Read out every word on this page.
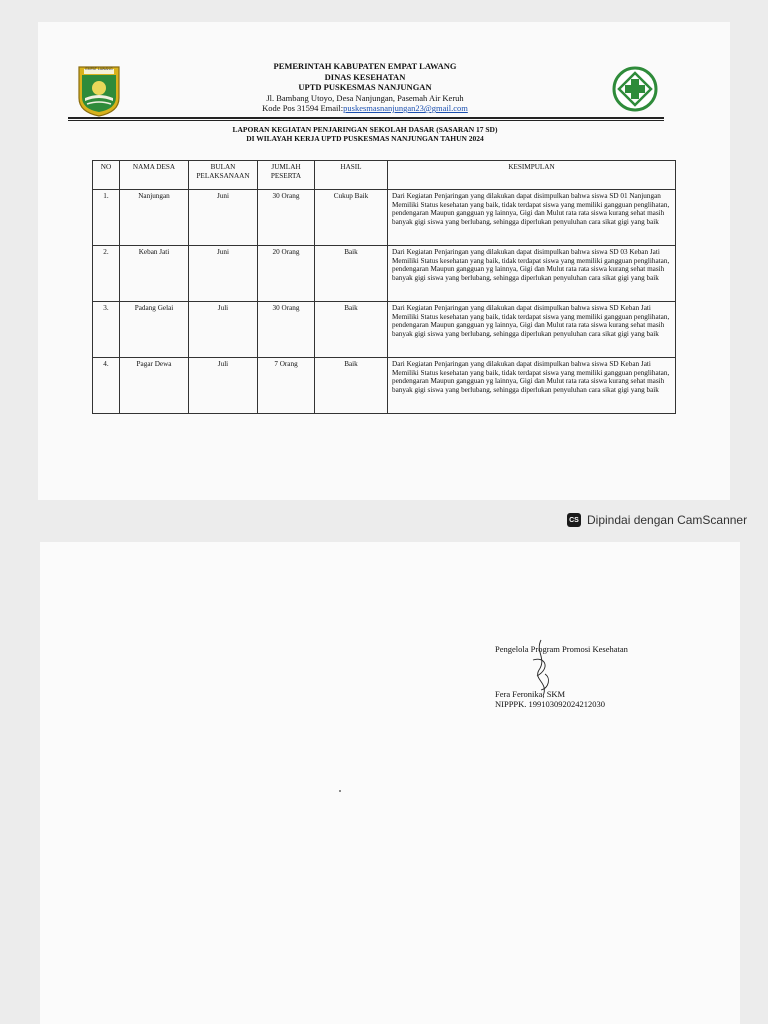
EMPAT LAWANG	PEMERINTAH KABUPATEN EMPAT LAWANG
DINAS KESEHATAN
UPTD PUSKESMAS NANJUNGAN
Jl. Bambang Utoyo, Desa Nanjungan, Pasemah Air Keruh
Kode Pos 31594 Email:puskesmasnanjungan23@gmail.com
LAPORAN KEGIATAN PENJARINGAN SEKOLAH DASAR (SASARAN 17 SD)
DI WILAYAH KERJA UPTD PUSKESMAS NANJUNGAN TAHUN 2024
NO	NAMA DESA	BULAN PELAKSANAAN	JUMLAH PESERTA	HASIL	KESIMPULAN
1.	Nanjungan	Juni	30 Orang	Cukup Baik	Dari Kegiatan Penjaringan yang dilakukan dapat disimpulkan bahwa siswa SD 01 Nanjungan Memiliki Status kesehatan yang baik, tidak terdapat siswa yang memiliki gangguan penglihatan, pendengaran Maupun gangguan yg lainnya, Gigi dan Mulut rata rata siswa kurang sehat masih banyak gigi siswa yang berlubang, sehingga diperlukan penyuluhan cara sikat gigi yang baik
2.	Keban Jati	Juni	20 Orang	Baik	Dari Kegiatan Penjaringan yang dilakukan dapat disimpulkan bahwa siswa SD 03 Keban Jati Memiliki Status kesehatan yang baik, tidak terdapat siswa yang memiliki gangguan penglihatan, pendengaran Maupun gangguan yg lainnya, Gigi dan Mulut rata rata siswa kurang sehat masih banyak gigi siswa yang berlubang, sehingga diperlukan penyuluhan cara sikat gigi yang baik
3.	Padang Gelai	Juli	30 Orang	Baik	Dari Kegiatan Penjaringan yang dilakukan dapat disimpulkan bahwa siswa SD Keban Jati Memiliki Status kesehatan yang baik, tidak terdapat siswa yang memiliki gangguan penglihatan, pendengaran Maupun gangguan yg lainnya, Gigi dan Mulut rata rata siswa kurang sehat masih banyak gigi siswa yang berlubang, sehingga diperlukan penyuluhan cara sikat gigi yang baik
4.	Pagar Dewa	Juli	7 Orang	Baik	Dari Kegiatan Penjaringan yang dilakukan dapat disimpulkan bahwa siswa SD Keban Jati Memiliki Status kesehatan yang baik, tidak terdapat siswa yang memiliki gangguan penglihatan, pendengaran Maupun gangguan yg lainnya, Gigi dan Mulut rata rata siswa kurang sehat masih banyak gigi siswa yang berlubang, sehingga diperlukan penyuluhan cara sikat gigi yang baik
CS Dipindai dengan CamScanner
Pengelola Program Promosi Kesehatan
Fera Feronika, SKM
NIPPPK. 199103092024212030
